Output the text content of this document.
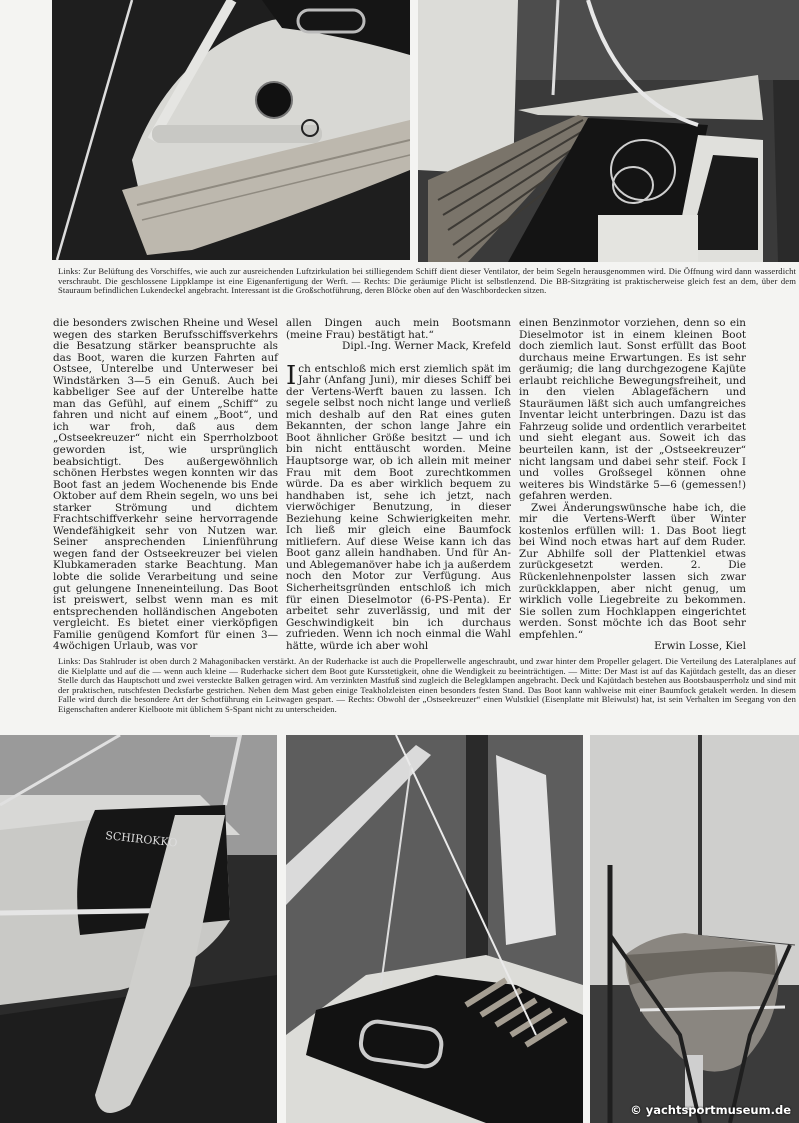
Links: Zur Belüftung des Vorschiffes, wie auch zur ausreichenden Luftzirkulation bei stilliegendem Schiff dient dieser Ventilator, der beim Segeln herausgenommen wird. Die Öffnung wird dann wasserdicht verschraubt. Die geschlossene Lippklampe ist eine Eigenanfertigung der Werft. — Rechts: Die geräumige Plicht ist selbstlenzend. Die BB-Sitzgräting ist praktischerweise gleich fest an dem, über dem Stauraum befindlichen Lukendeckel angebracht. Interessant ist die Großschotführung, deren Blöcke oben auf den Waschbordecken sitzen.

die besonders zwischen Rheine und Wesel wegen des starken Berufsschiffsverkehrs die Besatzung stärker beanspruchte als das Boot, waren die kurzen Fahrten auf Ostsee, Unterelbe und Unterweser bei Windstärken 3—5 ein Genuß. Auch bei kabbeliger See auf der Unterelbe hatte man das Gefühl, auf einem „Schiff“ zu fahren und nicht auf einem „Boot“, und ich war froh, daß aus dem „Ostseekreuzer“ nicht ein Sperrholzboot geworden ist, wie ursprünglich beabsichtigt. Des außergewöhnlich schönen Herbstes wegen konnten wir das Boot fast an jedem Wochenende bis Ende Oktober auf dem Rhein segeln, wo uns bei starker Strömung und dichtem Frachtschiffverkehr seine hervorragende Wendefähigkeit sehr von Nutzen war. Seiner ansprechenden Linienführung wegen fand der Ostseekreuzer bei vielen Klubkameraden starke Beachtung. Man lobte die solide Verarbeitung und seine gut gelungene Inneneinteilung. Das Boot ist preiswert, selbst wenn man es mit entsprechenden holländischen Angeboten vergleicht. Es bietet einer vierköpfigen Familie genügend Komfort für einen 3—4wöchigen Urlaub, was vor

allen Dingen auch mein Bootsmann (meine Frau) bestätigt hat.“

Dipl.-Ing. Werner Mack, Krefeld

Ich entschloß mich erst ziemlich spät im Jahr (Anfang Juni), mir dieses Schiff bei der Vertens-Werft bauen zu lassen. Ich segele selbst noch nicht lange und verließ mich deshalb auf den Rat eines guten Bekannten, der schon lange Jahre ein Boot ähnlicher Größe besitzt — und ich bin nicht enttäuscht worden. Meine Hauptsorge war, ob ich allein mit meiner Frau mit dem Boot zurechtkommen würde. Da es aber wirklich bequem zu handhaben ist, sehe ich jetzt, nach vierwöchiger Benutzung, in dieser Beziehung keine Schwierigkeiten mehr. Ich ließ mir gleich eine Baumfock mitliefern. Auf diese Weise kann ich das Boot ganz allein handhaben. Und für An- und Ablegemanöver habe ich ja außerdem noch den Motor zur Verfügung. Aus Sicherheitsgründen entschloß ich mich für einen Dieselmotor (6-PS-Penta). Er arbeitet sehr zuverlässig, und mit der Geschwindigkeit bin ich durchaus zufrieden. Wenn ich noch einmal die Wahl hätte, würde ich aber wohl

einen Benzinmotor vorziehen, denn so ein Dieselmotor ist in einem kleinen Boot doch ziemlich laut. Sonst erfüllt das Boot durchaus meine Erwartungen. Es ist sehr geräumig; die lang durchgezogene Kajüte erlaubt reichliche Bewegungsfreiheit, und in den vielen Ablagefächern und Stauräumen läßt sich auch umfangreiches Inventar leicht unterbringen. Dazu ist das Fahrzeug solide und ordentlich verarbeitet und sieht elegant aus. Soweit ich das beurteilen kann, ist der „Ostseekreuzer“ nicht langsam und dabei sehr steif. Fock I und volles Großsegel können ohne weiteres bis Windstärke 5—6 (gemessen!) gefahren werden.

Zwei Änderungswünsche habe ich, die mir die Vertens-Werft über Winter kostenlos erfüllen will: 1. Das Boot liegt bei Wind noch etwas hart auf dem Ruder. Zur Abhilfe soll der Plattenkiel etwas zurückgesetzt werden. 2. Die Rückenlehnenpolster lassen sich zwar zurückklappen, aber nicht genug, um wirklich volle Liegebreite zu bekommen. Sie sollen zum Hochklappen eingerichtet werden. Sonst möchte ich das Boot sehr empfehlen.“

Erwin Losse, Kiel

Links: Das Stahlruder ist oben durch 2 Mahagonibacken verstärkt. An der Ruderhacke ist auch die Propellerwelle angeschraubt, und zwar hinter dem Propeller gelagert. Die Verteilung des Lateralplanes auf die Kielplatte und auf die — wenn auch kleine — Ruderhacke sichert dem Boot gute Kursstetigkeit, ohne die Wendigkeit zu beeinträchtigen. — Mitte: Der Mast ist auf das Kajütdach gestellt, das an dieser Stelle durch das Hauptschott und zwei versteckte Balken getragen wird. Am verzinkten Mastfuß sind zugleich die Belegklampen angebracht. Deck und Kajütdach bestehen aus Bootsbausperrholz und sind mit der praktischen, rutschfesten Decksfarbe gestrichen. Neben dem Mast geben einige Teakholzleisten einen besonders festen Stand. Das Boot kann wahlweise mit einer Baumfock getakelt werden. In diesem Falle wird durch die besondere Art der Schotführung ein Leitwagen gespart. — Rechts: Obwohl der „Ostseekreuzer“ einen Wulstkiel (Eisenplatte mit Bleiwulst) hat, ist sein Verhalten im Seegang von den Eigenschaften anderer Kielboote mit üblichem S-Spant nicht zu unterscheiden.
SCHIROKKO
© yachtsportmuseum.de
